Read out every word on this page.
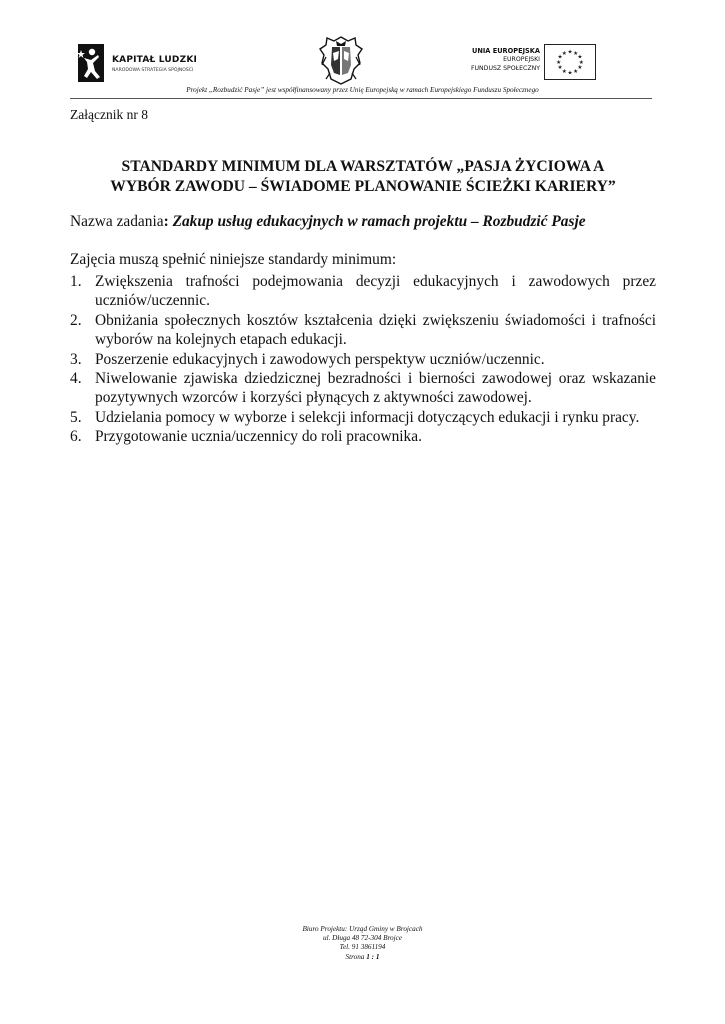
KAPITAŁ LUDZKI
NARODOWA STRATEGIA SPÓJNOŚCI
UNIA EUROPEJSKA
EUROPEJSKI
FUNDUSZ SPOŁECZNY
★ ★
★
★
★
★
★
★
★
★
★
★
Projekt „Rozbudzić Pasje” jest współfinansowany przez Unię Europejską w ramach Europejskiego Funduszu Społecznego
Załącznik nr 8
STANDARDY MINIMUM DLA WARSZTATÓW „PASJA ŻYCIOWA A
WYBÓR ZAWODU – ŚWIADOME PLANOWANIE ŚCIEŻKI KARIERY”
Nazwa zadania: Zakup usług edukacyjnych w ramach projektu – Rozbudzić Pasje
Zajęcia muszą spełnić niniejsze standardy minimum:
1. Zwiększenia trafności podejmowania decyzji edukacyjnych i zawodowych przez uczniów/uczennic.
2. Obniżania społecznych kosztów kształcenia dzięki zwiększeniu świadomości i trafności wyborów na kolejnych etapach edukacji.
3. Poszerzenie edukacyjnych i zawodowych perspektyw uczniów/uczennic.
4. Niwelowanie zjawiska dziedzicznej bezradności i bierności zawodowej oraz wskazanie pozytywnych wzorców i korzyści płynących z aktywności zawodowej.
5. Udzielania pomocy w wyborze i selekcji informacji dotyczących edukacji i rynku pracy.
6. Przygotowanie ucznia/uczennicy do roli pracownika.
Biuro Projektu: Urząd Gminy w Brojcach
ul. Długa 48 72-304 Brojce
Tel. 91 3861194
Strona 1 : 1
